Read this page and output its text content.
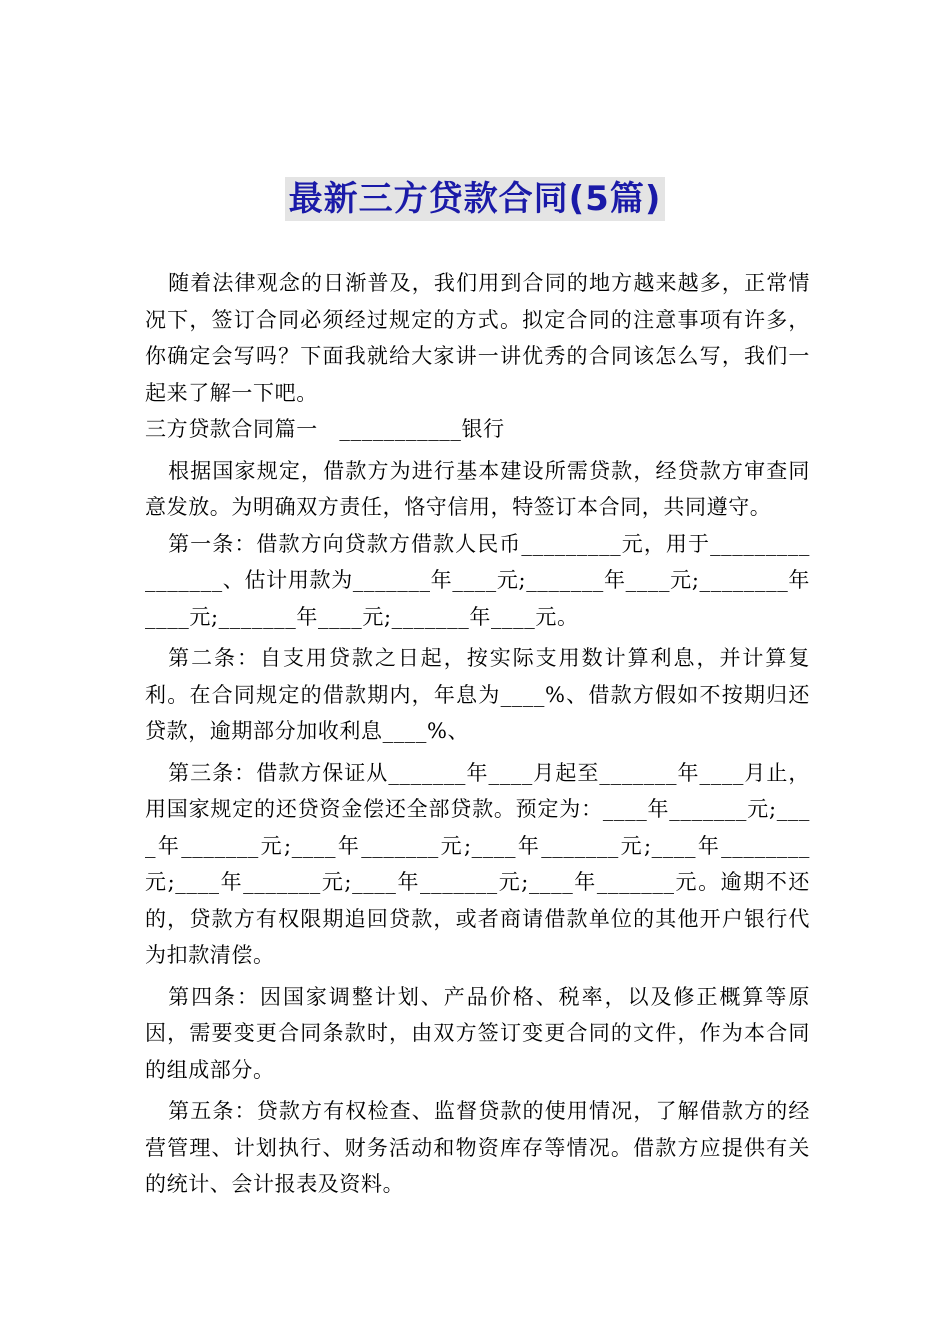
最新三方贷款合同(5篇)

随着法律观念的日渐普及，我们用到合同的地方越来越多，正常情况下，签订合同必须经过规定的方式。拟定合同的注意事项有许多，你确定会写吗？下面我就给大家讲一讲优秀的合同该怎么写，我们一起来了解一下吧。

三方贷款合同篇一　___________银行

根据国家规定，借款方为进行基本建设所需贷款，经贷款方审查同意发放。为明确双方责任，恪守信用，特签订本合同，共同遵守。

第一条：借款方向贷款方借款人民币_________元，用于________________、估计用款为_______年____元;_______年____元;________年____元;_______年____元;_______年____元。

第二条：自支用贷款之日起，按实际支用数计算利息，并计算复利。在合同规定的借款期内，年息为____%、借款方假如不按期归还贷款，逾期部分加收利息____%、

第三条：借款方保证从_______年____月起至_______年____月止，用国家规定的还贷资金偿还全部贷款。预定为：____年_______元;____年_______元;____年_______元;____年_______元;____年________元;____年_______元;____年_______元;____年_______元。逾期不还的，贷款方有权限期追回贷款，或者商请借款单位的其他开户银行代为扣款清偿。

第四条：因国家调整计划、产品价格、税率，以及修正概算等原因，需要变更合同条款时，由双方签订变更合同的文件，作为本合同的组成部分。

第五条：贷款方有权检查、监督贷款的使用情况，了解借款方的经营管理、计划执行、财务活动和物资库存等情况。借款方应提供有关的统计、会计报表及资料。
